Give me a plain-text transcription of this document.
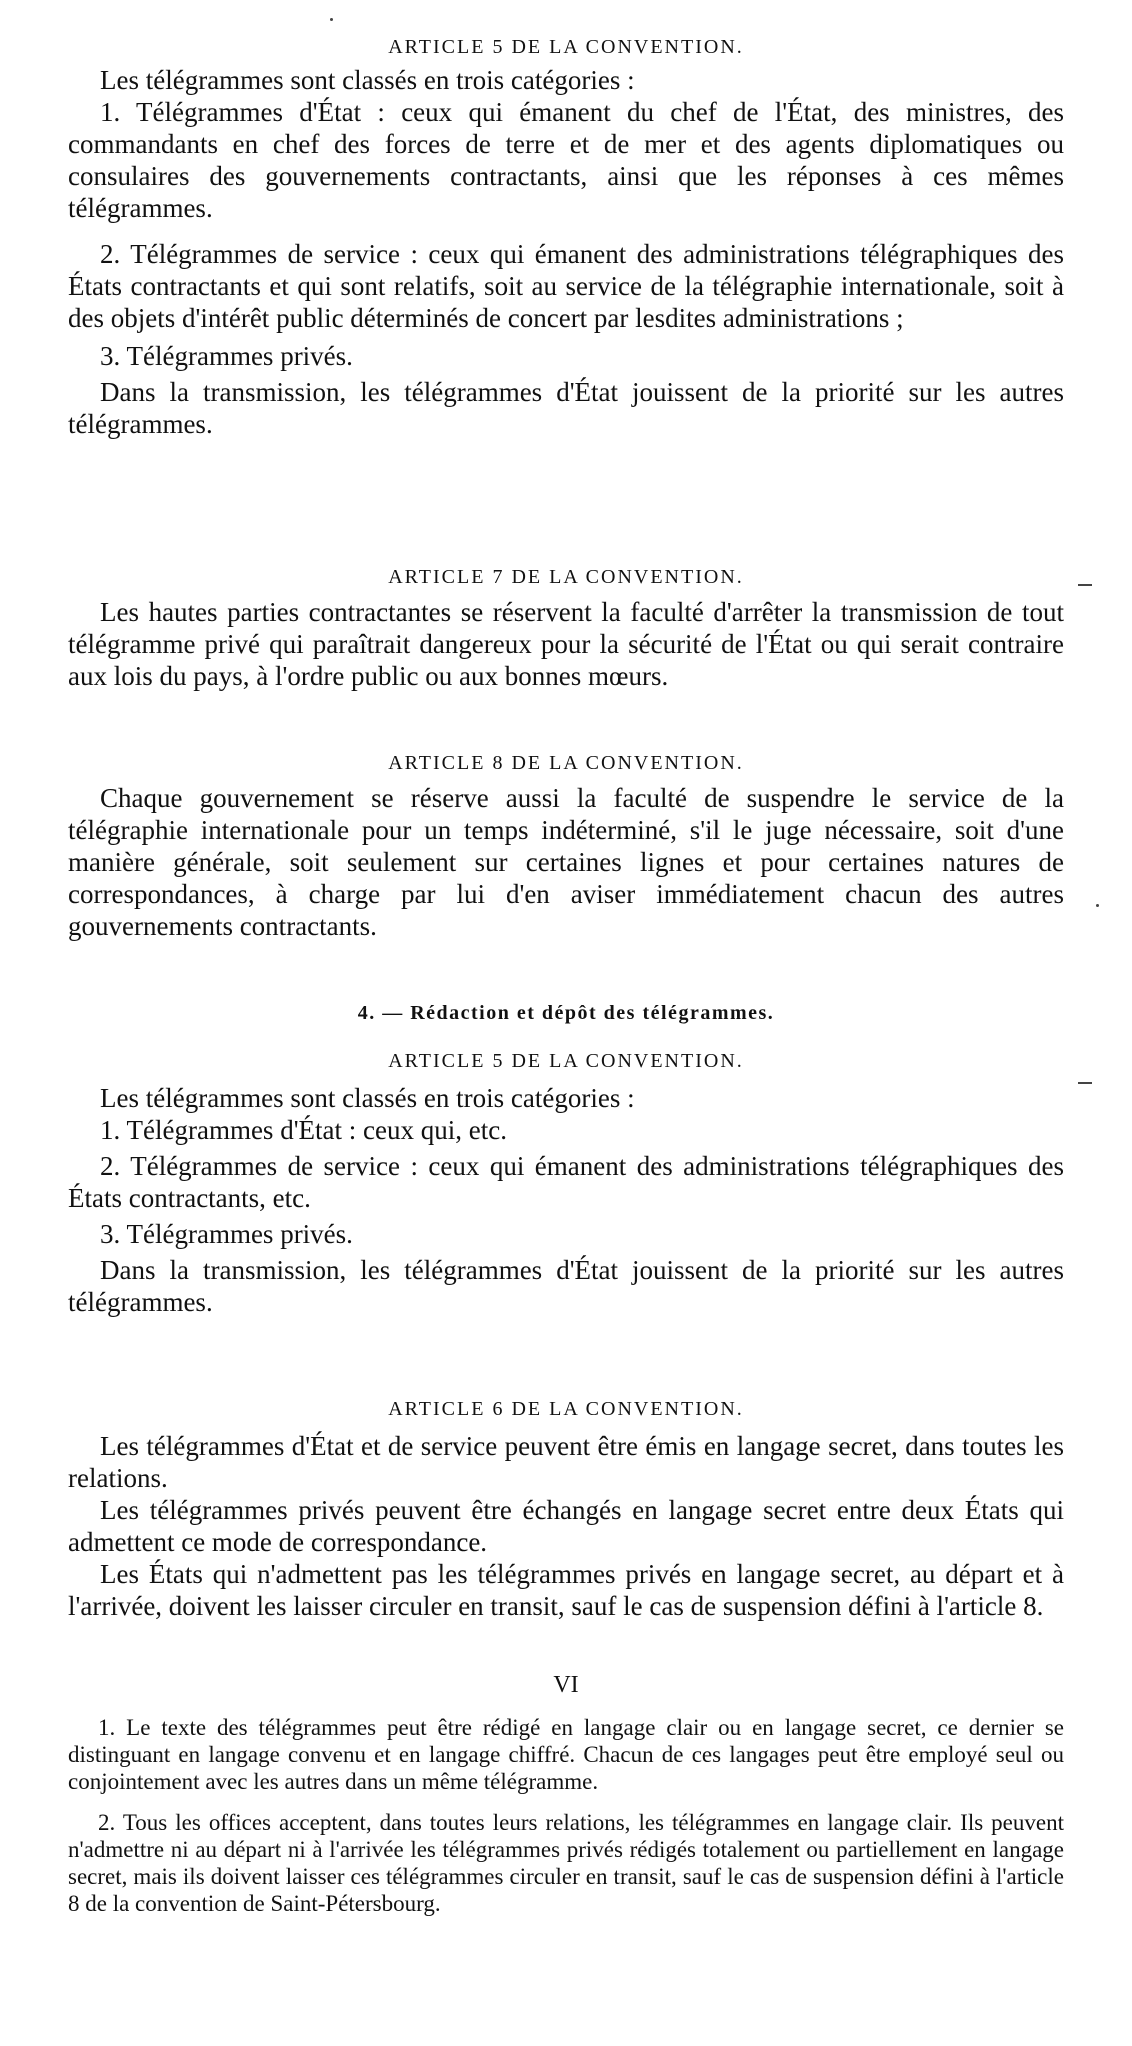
ARTICLE 5 DE LA CONVENTION.

Les télégrammes sont classés en trois catégories :

1. Télégrammes d'État : ceux qui émanent du chef de l'État, des ministres, des commandants en chef des forces de terre et de mer et des agents diplomatiques ou consulaires des gouvernements contractants, ainsi que les réponses à ces mêmes télégrammes.

2. Télégrammes de service : ceux qui émanent des administrations télégraphiques des États contractants et qui sont relatifs, soit au service de la télégraphie internationale, soit à des objets d'intérêt public déterminés de concert par lesdites administrations ;

3. Télégrammes privés.

Dans la transmission, les télégrammes d'État jouissent de la priorité sur les autres télégrammes.

ARTICLE 7 DE LA CONVENTION.

Les hautes parties contractantes se réservent la faculté d'arrêter la transmission de tout télégramme privé qui paraîtrait dangereux pour la sécurité de l'État ou qui serait contraire aux lois du pays, à l'ordre public ou aux bonnes mœurs.

ARTICLE 8 DE LA CONVENTION.

Chaque gouvernement se réserve aussi la faculté de suspendre le service de la télégraphie internationale pour un temps indéterminé, s'il le juge nécessaire, soit d'une manière générale, soit seulement sur certaines lignes et pour certaines natures de correspondances, à charge par lui d'en aviser immédiatement chacun des autres gouvernements contractants.

4. — Rédaction et dépôt des télégrammes.
ARTICLE 5 DE LA CONVENTION.

Les télégrammes sont classés en trois catégories :

1. Télégrammes d'État : ceux qui, etc.

2. Télégrammes de service : ceux qui émanent des administrations télégraphiques des États contractants, etc.

3. Télégrammes privés.

Dans la transmission, les télégrammes d'État jouissent de la priorité sur les autres télégrammes.

ARTICLE 6 DE LA CONVENTION.

Les télégrammes d'État et de service peuvent être émis en langage secret, dans toutes les relations.

Les télégrammes privés peuvent être échangés en langage secret entre deux États qui admettent ce mode de correspondance.

Les États qui n'admettent pas les télégrammes privés en langage secret, au départ et à l'arrivée, doivent les laisser circuler en transit, sauf le cas de suspension défini à l'article 8.

VI

1. Le texte des télégrammes peut être rédigé en langage clair ou en langage secret, ce dernier se distinguant en langage convenu et en langage chiffré. Chacun de ces langages peut être employé seul ou conjointement avec les autres dans un même télégramme.

2. Tous les offices acceptent, dans toutes leurs relations, les télégrammes en langage clair. Ils peuvent n'admettre ni au départ ni à l'arrivée les télégrammes privés rédigés totalement ou partiellement en langage secret, mais ils doivent laisser ces télégrammes circuler en transit, sauf le cas de suspension défini à l'article 8 de la convention de Saint-Pétersbourg.
